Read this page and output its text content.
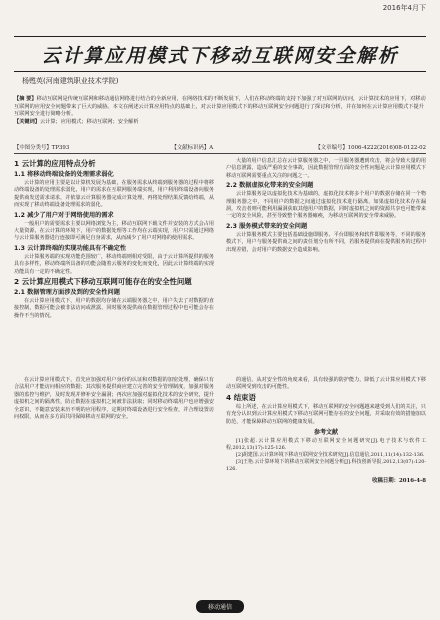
2016年4月下
云计算应用模式下移动互联网安全解析
杨甦英(河南建筑职业技术学院)
【摘 要】移动互联网是传统互联网和移动通信网络进行结合的全新应用，在网络技术的不断发展下，人们在移动终端的支持下加强了对互联网的访问，云计算技术的应用下，对移动互联网的应用安全问题带来了巨大的威胁。本文在阐述云计算应用特点的基础上，对云计算应用模式下的移动互联网安全问题进行了探讨和分析，并在如何在云计算应用模式下提升互联网安全进行简略分析。
【关键词】云计算；应用模式；移动互联网；安全解析
【中图分类号】TP393	【文献标识码】A	【文章编号】1006-4222(2016)08-0122-02
1 云计算的应用特点分析
1.1 将移动终端设备的处理需求弱化

云计算的应用主要是以计算机发展为基础，在服务需求从终端到服务器的过程中将移动终端设备的处理需求弱化，用户的需求在互联网服务端实现，用户利用终端设备向服务提供商发送需求请求，并依靠云计算服务器完成计算处理，再将处理结果反馈给终端，从而实现了移动终端设备处理需求的弱化。

1.2 减少了用户对于网络使用的需求

一般用户的需要需求主要以网络浏览为主，移动互联网下载文件并安装的方式会占用大量资源，在云计算的环境下，用户的数据处理等工作均在云端实现，用户只需通过网络与云计算服务器进行连接即可满足自身需求，从而减少了用户对网络的使用需求。

1.3 云计算终端的实现功能具有不确定性

云计算服务端的实现功能范围较广，移动终端则相对受限，由于云计算所提供的服务具有多样性，移动终端所具备的功能会随着云服务的变化而变化，因此云计算终端的实现功能具有一定的不确定性。

2 云计算应用模式下移动互联网可能存在的安全性问题
2.1 数据管理方面涉及到的安全性问题

在云计算应用模式下，用户的数据均存储在云端服务器之中，用户失去了对数据的直接控制，数据可能会被非法访问或泄露，同时服务提供商在数据管理过程中也可能会存在操作不当的情况。

大量的用户信息汇总在云计算服务器之中，一旦服务器遭到攻击，将会导致大量的用户信息泄露，造成严重的安全事故，因此数据管理方面的安全性问题是云计算应用模式下移动互联网需要重点关注的问题之一。

2.2 数据虚拟化带来的安全问题

云计算服务是以虚拟化技术为基础的，虚拟化技术将多个用户的数据存储在同一个物理服务器之中，不同用户的数据之间通过虚拟化技术进行隔离，如果虚拟化技术存在漏洞，攻击者则可能利用漏洞获取其他用户的数据，同时虚拟机之间的资源共享也可能带来一定的安全风险，甚至导致整个服务器瘫痪，为移动互联网的安全带来威胁。

2.3 服务模式带来的安全问题

云计算服务模式主要包括基础设施即服务、平台即服务和软件即服务等，不同的服务模式下，用户与服务提供商之间的责任划分有所不同，若服务提供商在提供服务的过程中出现差错，会对用户的数据安全造成影响。

在云计算应用模式下，首先应加强对用户身份的认证和对数据的加密处理，确保只有合法用户才能访问相应的数据；其次服务提供商应建立完善的安全管理制度，加强对服务器的监控与维护，及时发现并修补安全漏洞；再次应加强对虚拟化技术的安全研究，提升虚拟机之间的隔离性，防止数据在虚拟机之间被非法获取；同时移动终端用户也应增强安全意识，不随意安装来历不明的应用程序，定期对终端设备进行安全检查，并合理设置访问权限，从而在多方面共同保障移动互联网的安全。

的通信，从对安全性的角度来看，具有较强的防护能力，降低了云计算应用模式下移动互联网受到攻击的可能性。

4 结束语

综上所述，在云计算应用模式下，移动互联网的安全问题越来越受到人们的关注，只有充分认识到云计算应用模式下移动互联网可能存在的安全问题，并采取有效的措施加以防范，才能保障移动互联网的健康发展。

参考文献

[1]张超.云计算应用模式下移动互联网安全问题研究[J].电子技术与软件工程,2012,13(17):125-126.

[2]胡建国.云计算环境下移动互联网安全技术研究[J].信息通信,2011,11(14):132-136.

[3]王艳.云计算环境下的移动互联网安全问题分析[J].科技创新导报,2012,13(07):120-126.

收稿日期：2016-4-8
移动通信
